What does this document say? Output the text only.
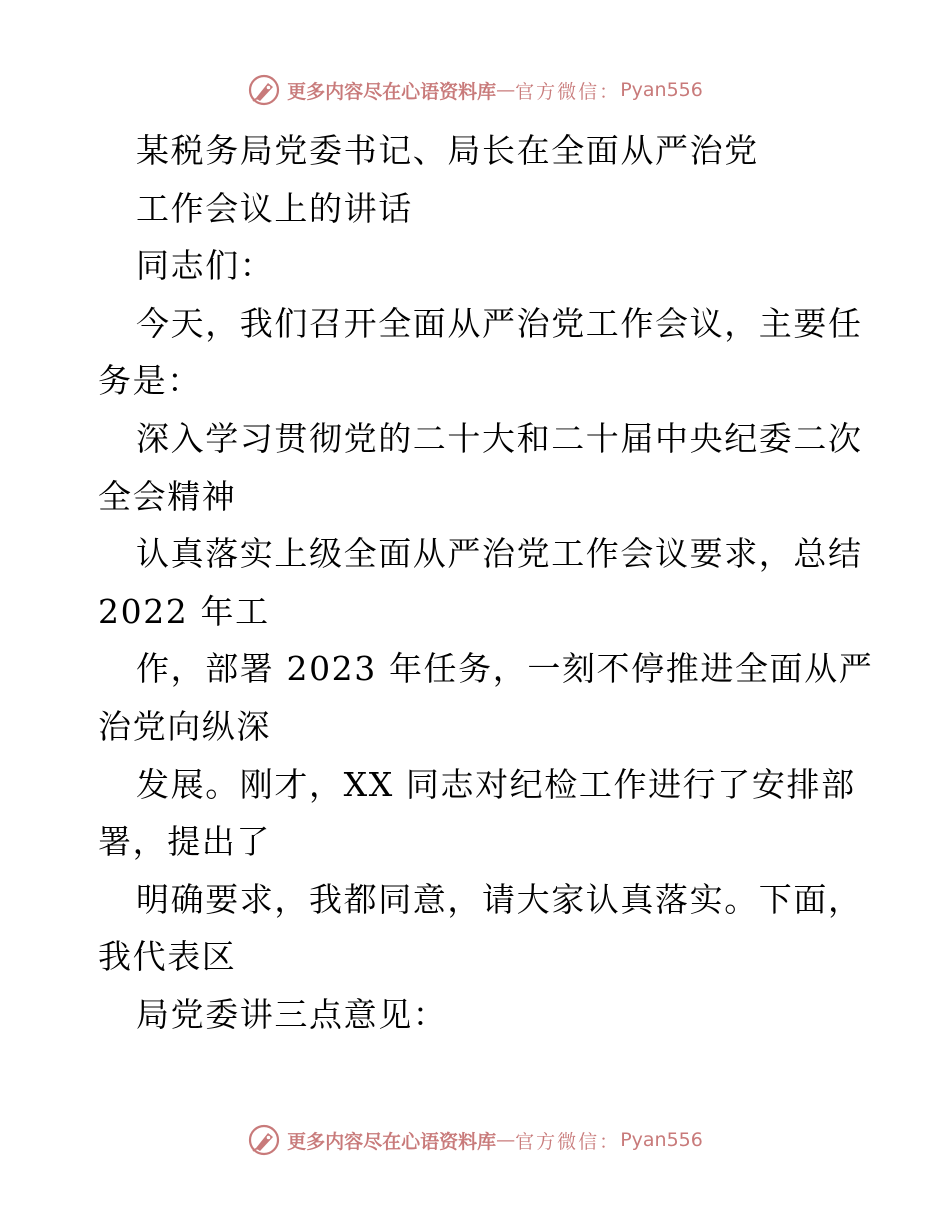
更多内容尽在心语资料库 — 官方微信： Pyan556
某税务局党委书记、局长在全面从严治党
工作会议上的讲话
同志们：
今天，我们召开全面从严治党工作会议，主要任
务是：
深入学习贯彻党的二十大和二十届中央纪委二次
全会精神
认真落实上级全面从严治党工作会议要求，总结
2022 年工
作，部署 2023 年任务，一刻不停推进全面从严
治党向纵深
发展。刚才，XX 同志对纪检工作进行了安排部
署，提出了
明确要求，我都同意，请大家认真落实。下面，
我代表区
局党委讲三点意见：
更多内容尽在心语资料库 — 官方微信： Pyan556
